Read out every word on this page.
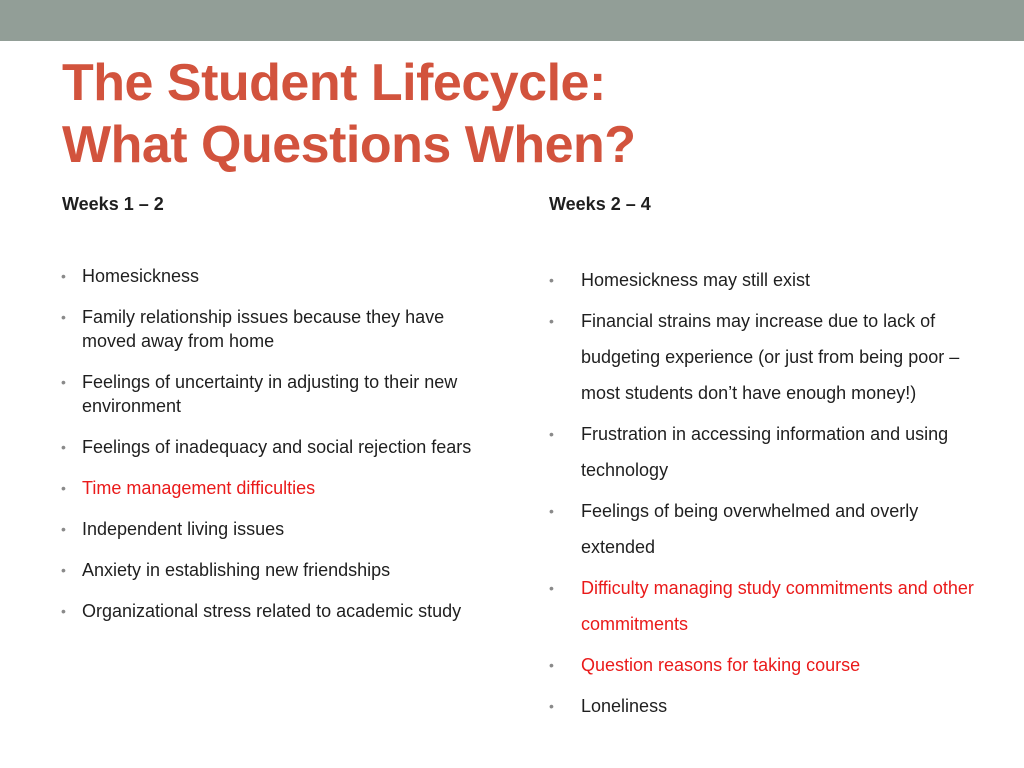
The Student Lifecycle:
What Questions When?
Weeks 1 – 2	Weeks 2 – 4
• Homesickness
• Family relationship issues because they have moved away from home
• Feelings of uncertainty in adjusting to their new environment
• Feelings of inadequacy and social rejection fears
• Time management difficulties
• Independent living issues
• Anxiety in establishing new friendships
• Organizational stress related to academic study
•	Homesickness may still exist
•	Financial strains may increase due to lack of budgeting experience (or just from being poor – most students don’t have enough money!)
•	Frustration in accessing information and using technology
•	Feelings of being overwhelmed and overly extended
•	Difficulty managing study commitments and other commitments
•	Question reasons for taking course
•	Loneliness
